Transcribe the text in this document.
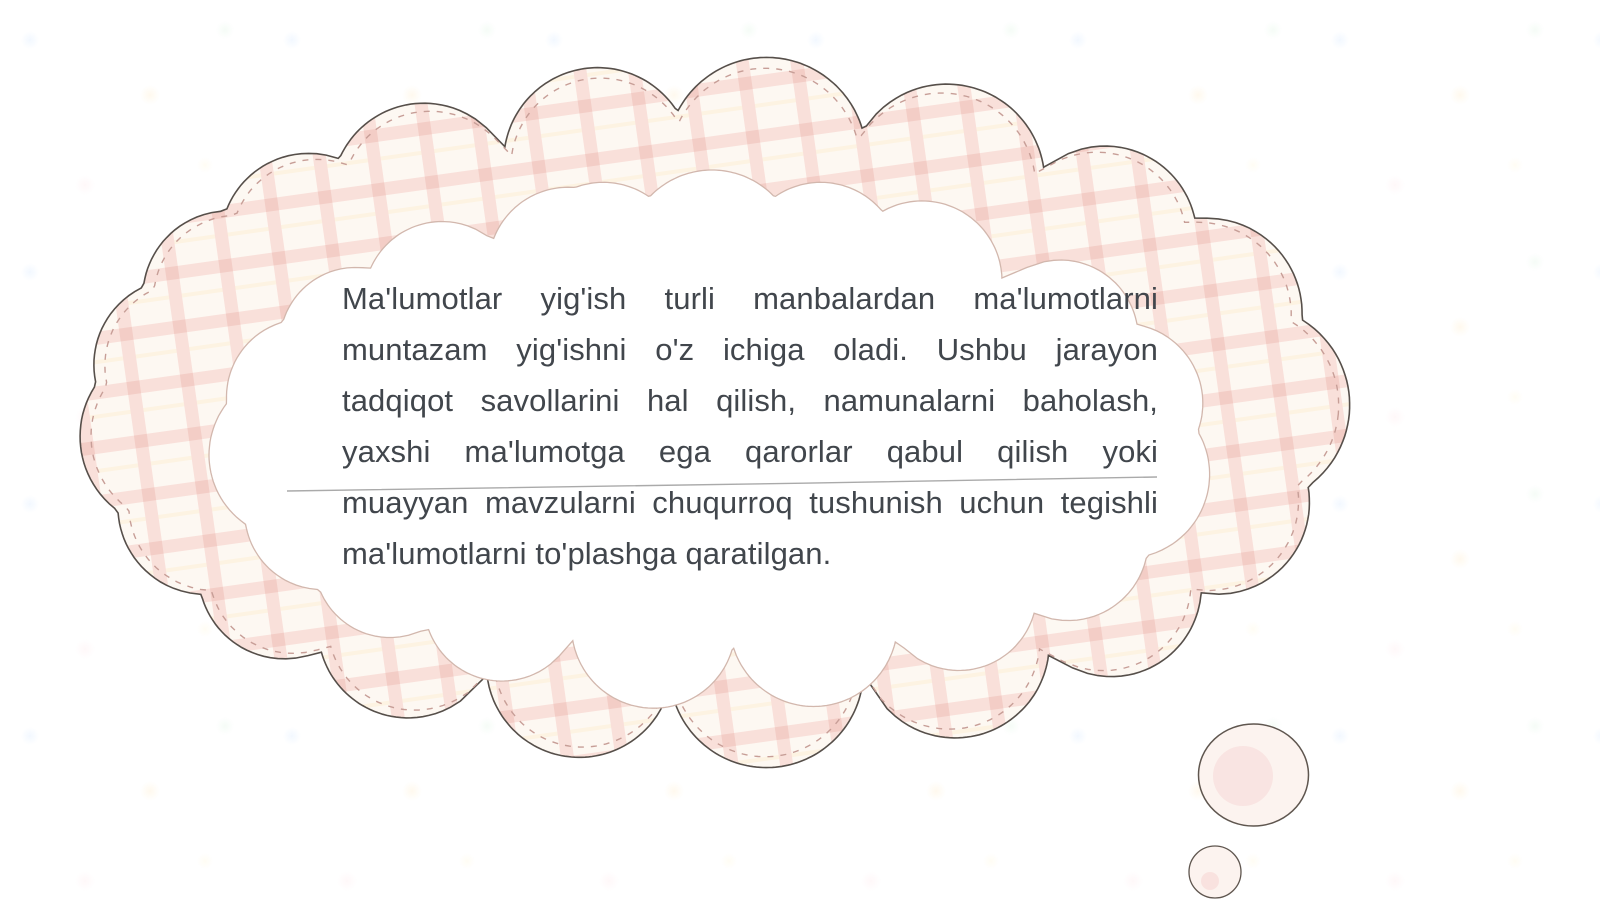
Ma'lumotlar yig'ish turli manbalardan ma'lumotlarni
muntazam yig'ishni o'z ichiga oladi. Ushbu jarayon
tadqiqot savollarini hal qilish, namunalarni baholash,
yaxshi ma'lumotga ega qarorlar qabul qilish yoki
muayyan mavzularni chuqurroq tushunish uchun tegishli
ma'lumotlarni to'plashga qaratilgan.
